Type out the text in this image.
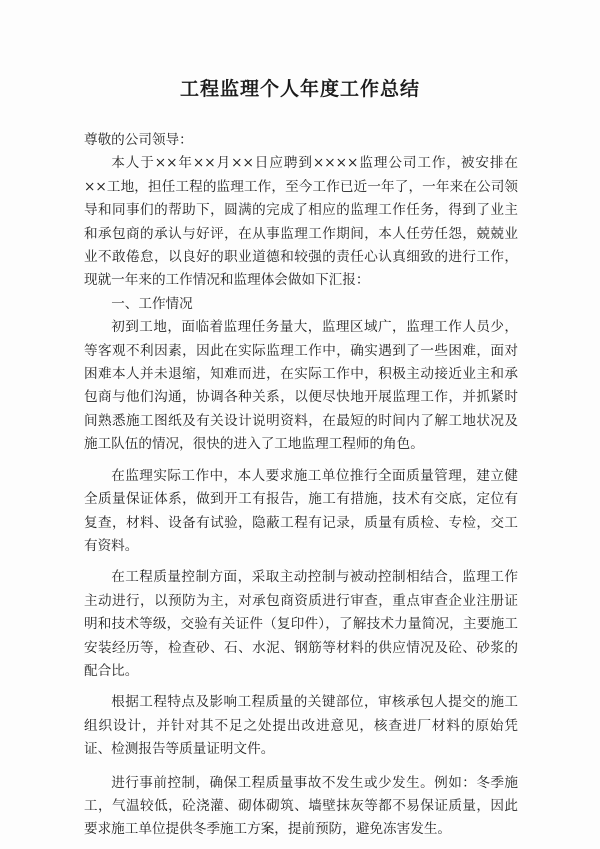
工程监理个人年度工作总结

尊敬的公司领导：

本人于××年××月××日应聘到××××监理公司工作，被安排在××工地，担任工程的监理工作，至今工作已近一年了，一年来在公司领导和同事们的帮助下，圆满的完成了相应的监理工作任务，得到了业主和承包商的承认与好评，在从事监理工作期间，本人任劳任怨，兢兢业业不敢倦怠，以良好的职业道德和较强的责任心认真细致的进行工作，现就一年来的工作情况和监理体会做如下汇报：

一、工作情况

初到工地，面临着监理任务量大，监理区域广，监理工作人员少，等客观不利因素，因此在实际监理工作中，确实遇到了一些困难，面对困难本人并未退缩，知难而进，在实际工作中，积极主动接近业主和承包商与他们沟通，协调各种关系，以便尽快地开展监理工作，并抓紧时间熟悉施工图纸及有关设计说明资料，在最短的时间内了解工地状况及施工队伍的情况，很快的进入了工地监理工程师的角色。

在监理实际工作中，本人要求施工单位推行全面质量管理，建立健全质量保证体系，做到开工有报告，施工有措施，技术有交底，定位有复查，材料、设备有试验，隐蔽工程有记录，质量有质检、专检，交工有资料。

在工程质量控制方面，采取主动控制与被动控制相结合，监理工作主动进行，以预防为主，对承包商资质进行审查，重点审查企业注册证明和技术等级，交验有关证件（复印件），了解技术力量简况，主要施工安装经历等，检查砂、石、水泥、钢筋等材料的供应情况及砼、砂浆的配合比。

根据工程特点及影响工程质量的关键部位，审核承包人提交的施工组织设计，并针对其不足之处提出改进意见，核查进厂材料的原始凭证、检测报告等质量证明文件。

进行事前控制，确保工程质量事故不发生或少发生。例如：冬季施工，气温较低，砼浇灌、砌体砌筑、墙壁抹灰等都不易保证质量，因此要求施工单位提供冬季施工方案，提前预防，避免冻害发生。
